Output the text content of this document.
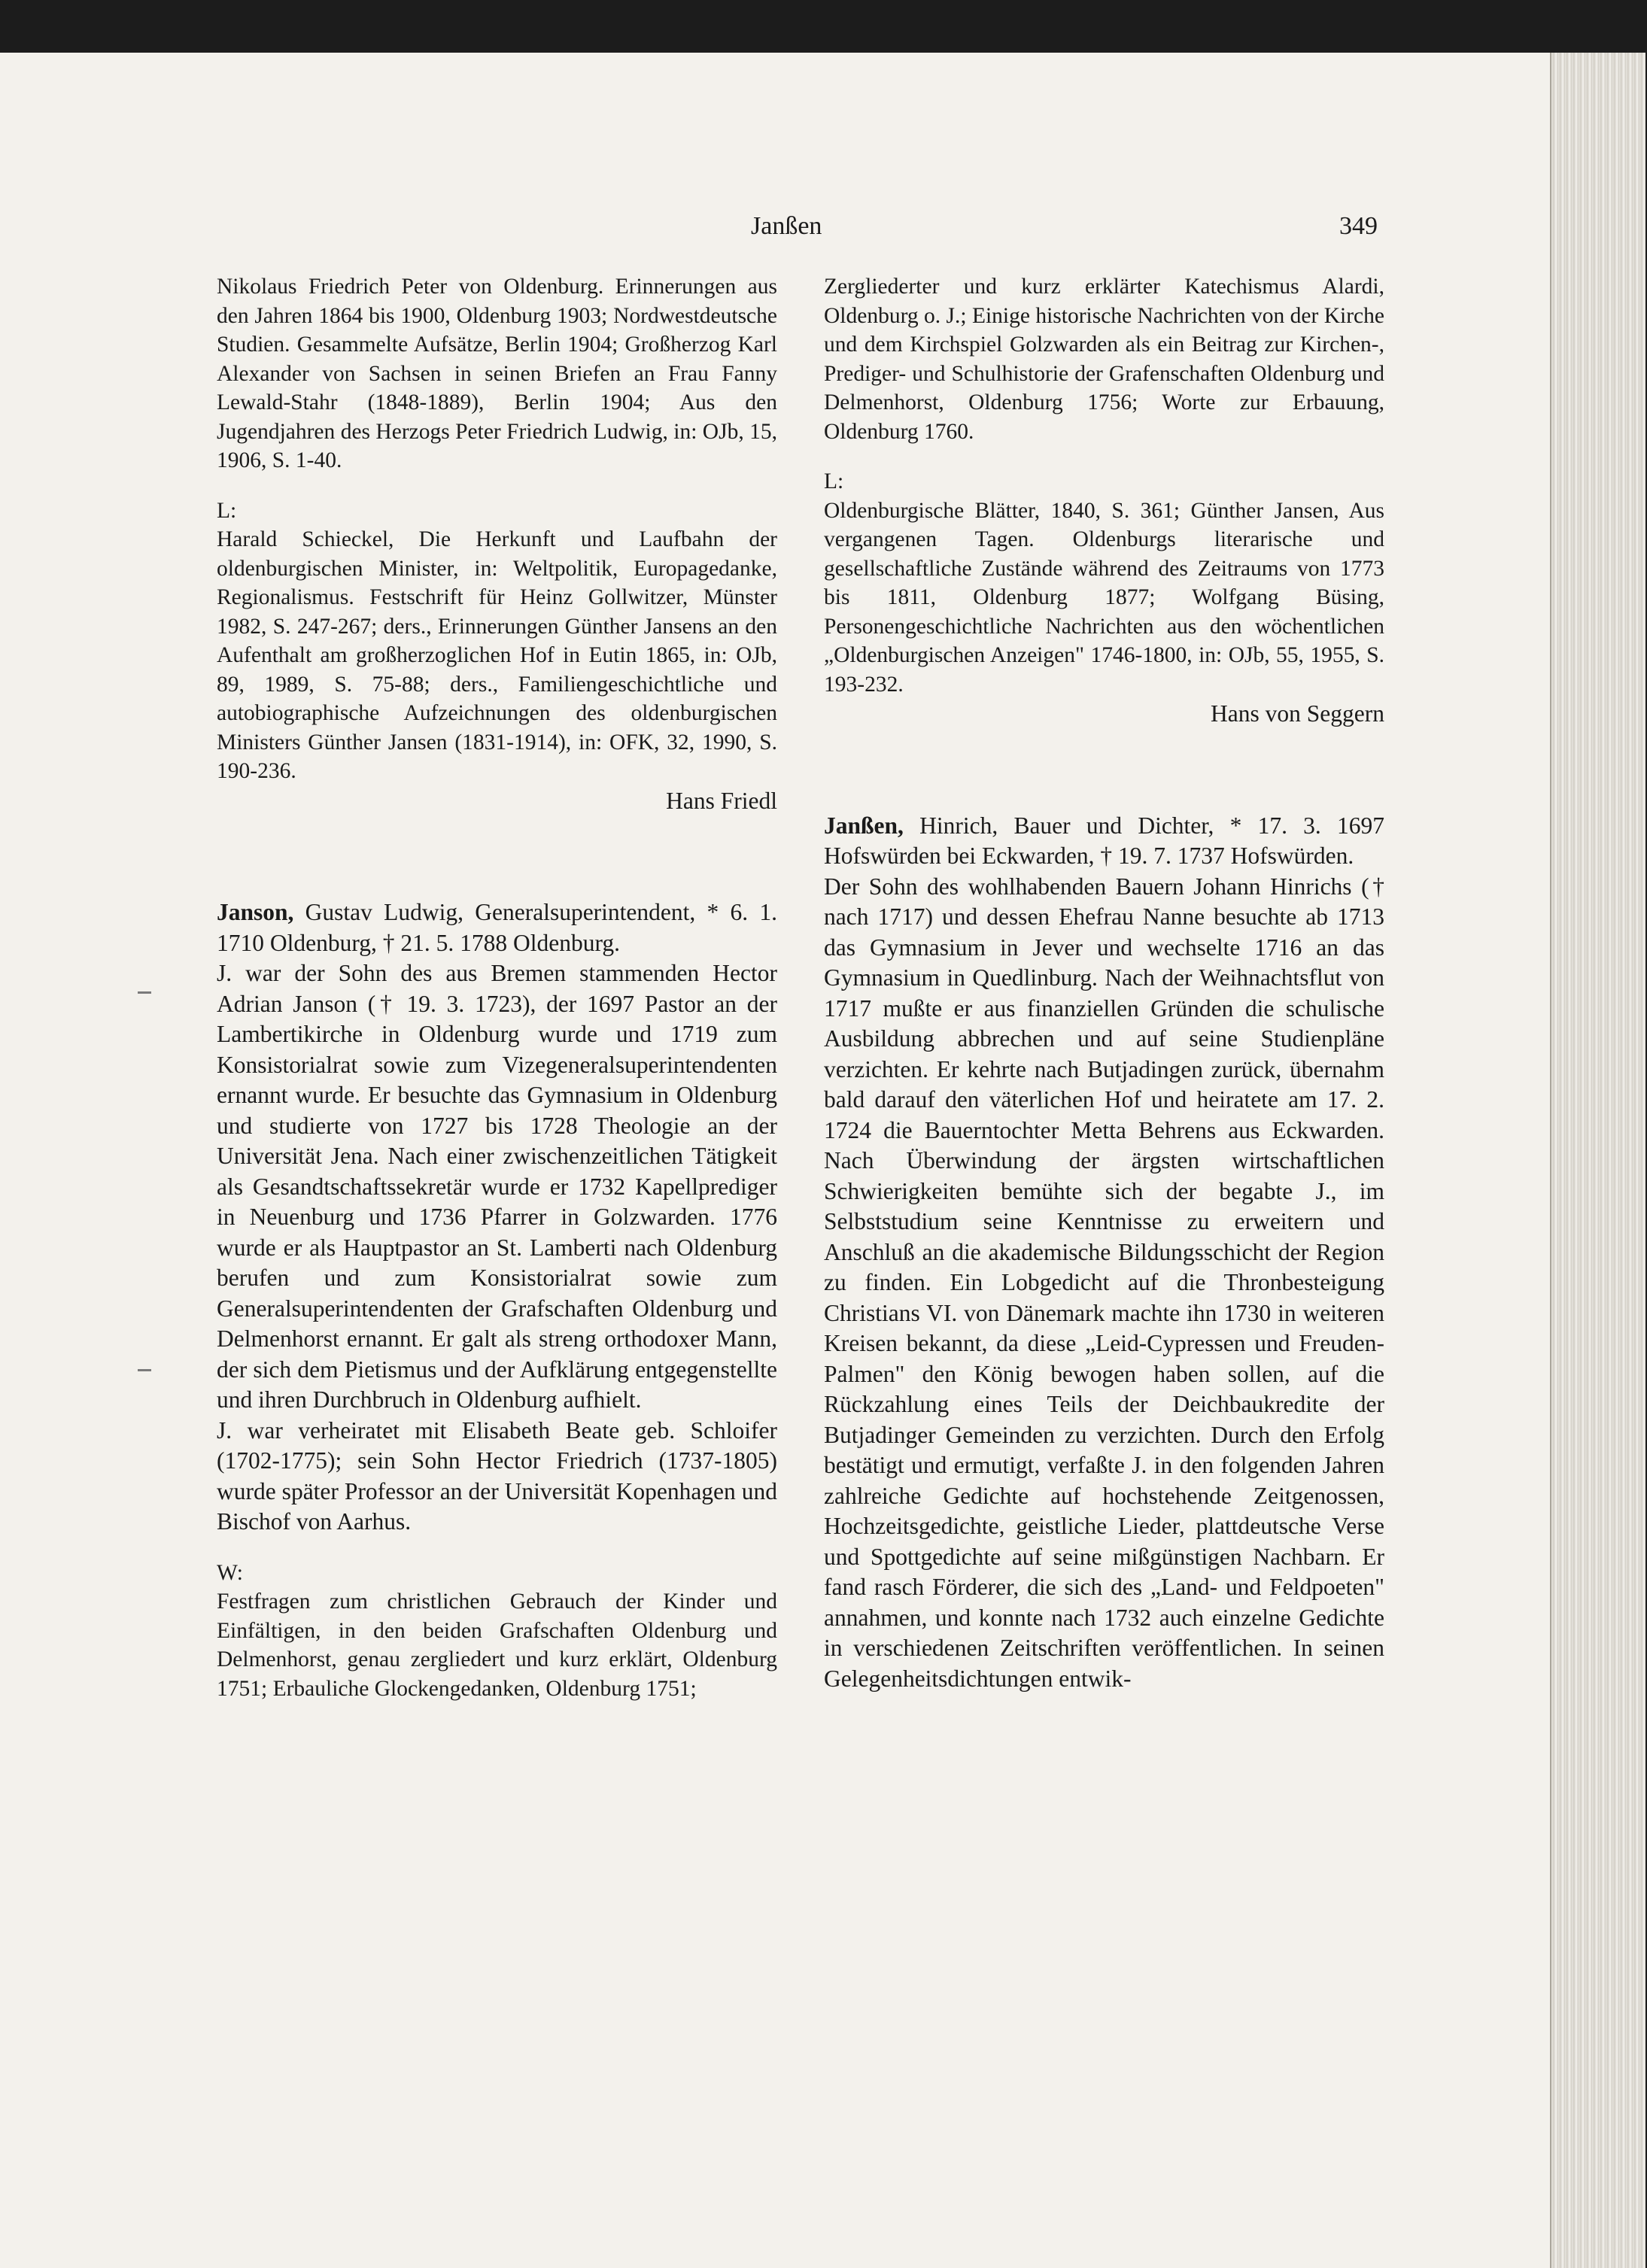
Janßen	349

Nikolaus Friedrich Peter von Oldenburg. Erinnerungen aus den Jahren 1864 bis 1900, Oldenburg 1903; Nordwestdeutsche Studien. Gesammelte Aufsätze, Berlin 1904; Großherzog Karl Alexander von Sachsen in seinen Briefen an Frau Fanny Lewald-Stahr (1848-1889), Berlin 1904; Aus den Jugendjahren des Herzogs Peter Friedrich Ludwig, in: OJb, 15, 1906, S. 1-40.

L:

Harald Schieckel, Die Herkunft und Laufbahn der oldenburgischen Minister, in: Weltpolitik, Europagedanke, Regionalismus. Festschrift für Heinz Gollwitzer, Münster 1982, S. 247-267; ders., Erinnerungen Günther Jansens an den Aufenthalt am großherzoglichen Hof in Eutin 1865, in: OJb, 89, 1989, S. 75-88; ders., Familiengeschichtliche und autobiographische Aufzeichnungen des oldenburgischen Ministers Günther Jansen (1831-1914), in: OFK, 32, 1990, S. 190-236.

Hans Friedl

Janson, Gustav Ludwig, Generalsuperintendent, * 6. 1. 1710 Oldenburg, † 21. 5. 1788 Oldenburg.

J. war der Sohn des aus Bremen stammenden Hector Adrian Janson († 19. 3. 1723), der 1697 Pastor an der Lambertikirche in Oldenburg wurde und 1719 zum Konsistorialrat sowie zum Vizegeneralsuperintendenten ernannt wurde. Er besuchte das Gymnasium in Oldenburg und studierte von 1727 bis 1728 Theologie an der Universität Jena. Nach einer zwischenzeitlichen Tätigkeit als Gesandtschaftssekretär wurde er 1732 Kapellprediger in Neuenburg und 1736 Pfarrer in Golzwarden. 1776 wurde er als Hauptpastor an St. Lamberti nach Oldenburg berufen und zum Konsistorialrat sowie zum Generalsuperintendenten der Grafschaften Oldenburg und Delmenhorst ernannt. Er galt als streng orthodoxer Mann, der sich dem Pietismus und der Aufklärung entgegenstellte und ihren Durchbruch in Oldenburg aufhielt.

J. war verheiratet mit Elisabeth Beate geb. Schloifer (1702-1775); sein Sohn Hector Friedrich (1737-1805) wurde später Professor an der Universität Kopenhagen und Bischof von Aarhus.

W:

Festfragen zum christlichen Gebrauch der Kinder und Einfältigen, in den beiden Grafschaften Oldenburg und Delmenhorst, genau zergliedert und kurz erklärt, Oldenburg 1751; Erbauliche Glockengedanken, Oldenburg 1751;

Zergliederter und kurz erklärter Katechismus Alardi, Oldenburg o. J.; Einige historische Nachrichten von der Kirche und dem Kirchspiel Golzwarden als ein Beitrag zur Kirchen-, Prediger- und Schulhistorie der Grafenschaften Oldenburg und Delmenhorst, Oldenburg 1756; Worte zur Erbauung, Oldenburg 1760.

L:

Oldenburgische Blätter, 1840, S. 361; Günther Jansen, Aus vergangenen Tagen. Oldenburgs literarische und gesellschaftliche Zustände während des Zeitraums von 1773 bis 1811, Oldenburg 1877; Wolfgang Büsing, Personengeschichtliche Nachrichten aus den wöchentlichen „Oldenburgischen Anzeigen" 1746-1800, in: OJb, 55, 1955, S. 193-232.

Hans von Seggern

Janßen, Hinrich, Bauer und Dichter, * 17. 3. 1697 Hofswürden bei Eckwarden, † 19. 7. 1737 Hofswürden.

Der Sohn des wohlhabenden Bauern Johann Hinrichs († nach 1717) und dessen Ehefrau Nanne besuchte ab 1713 das Gymnasium in Jever und wechselte 1716 an das Gymnasium in Quedlinburg. Nach der Weihnachtsflut von 1717 mußte er aus finanziellen Gründen die schulische Ausbildung abbrechen und auf seine Studienpläne verzichten. Er kehrte nach Butjadingen zurück, übernahm bald darauf den väterlichen Hof und heiratete am 17. 2. 1724 die Bauerntochter Metta Behrens aus Eckwarden. Nach Überwindung der ärgsten wirtschaftlichen Schwierigkeiten bemühte sich der begabte J., im Selbststudium seine Kenntnisse zu erweitern und Anschluß an die akademische Bildungsschicht der Region zu finden. Ein Lobgedicht auf die Thronbesteigung Christians VI. von Dänemark machte ihn 1730 in weiteren Kreisen bekannt, da diese „Leid-Cypressen und Freuden-Palmen" den König bewogen haben sollen, auf die Rückzahlung eines Teils der Deichbaukredite der Butjadinger Gemeinden zu verzichten. Durch den Erfolg bestätigt und ermutigt, verfaßte J. in den folgenden Jahren zahlreiche Gedichte auf hochstehende Zeitgenossen, Hochzeitsgedichte, geistliche Lieder, plattdeutsche Verse und Spottgedichte auf seine mißgünstigen Nachbarn. Er fand rasch Förderer, die sich des „Land- und Feldpoeten" annahmen, und konnte nach 1732 auch einzelne Gedichte in verschiedenen Zeitschriften veröffentlichen. In seinen Gelegenheitsdichtungen entwik-
